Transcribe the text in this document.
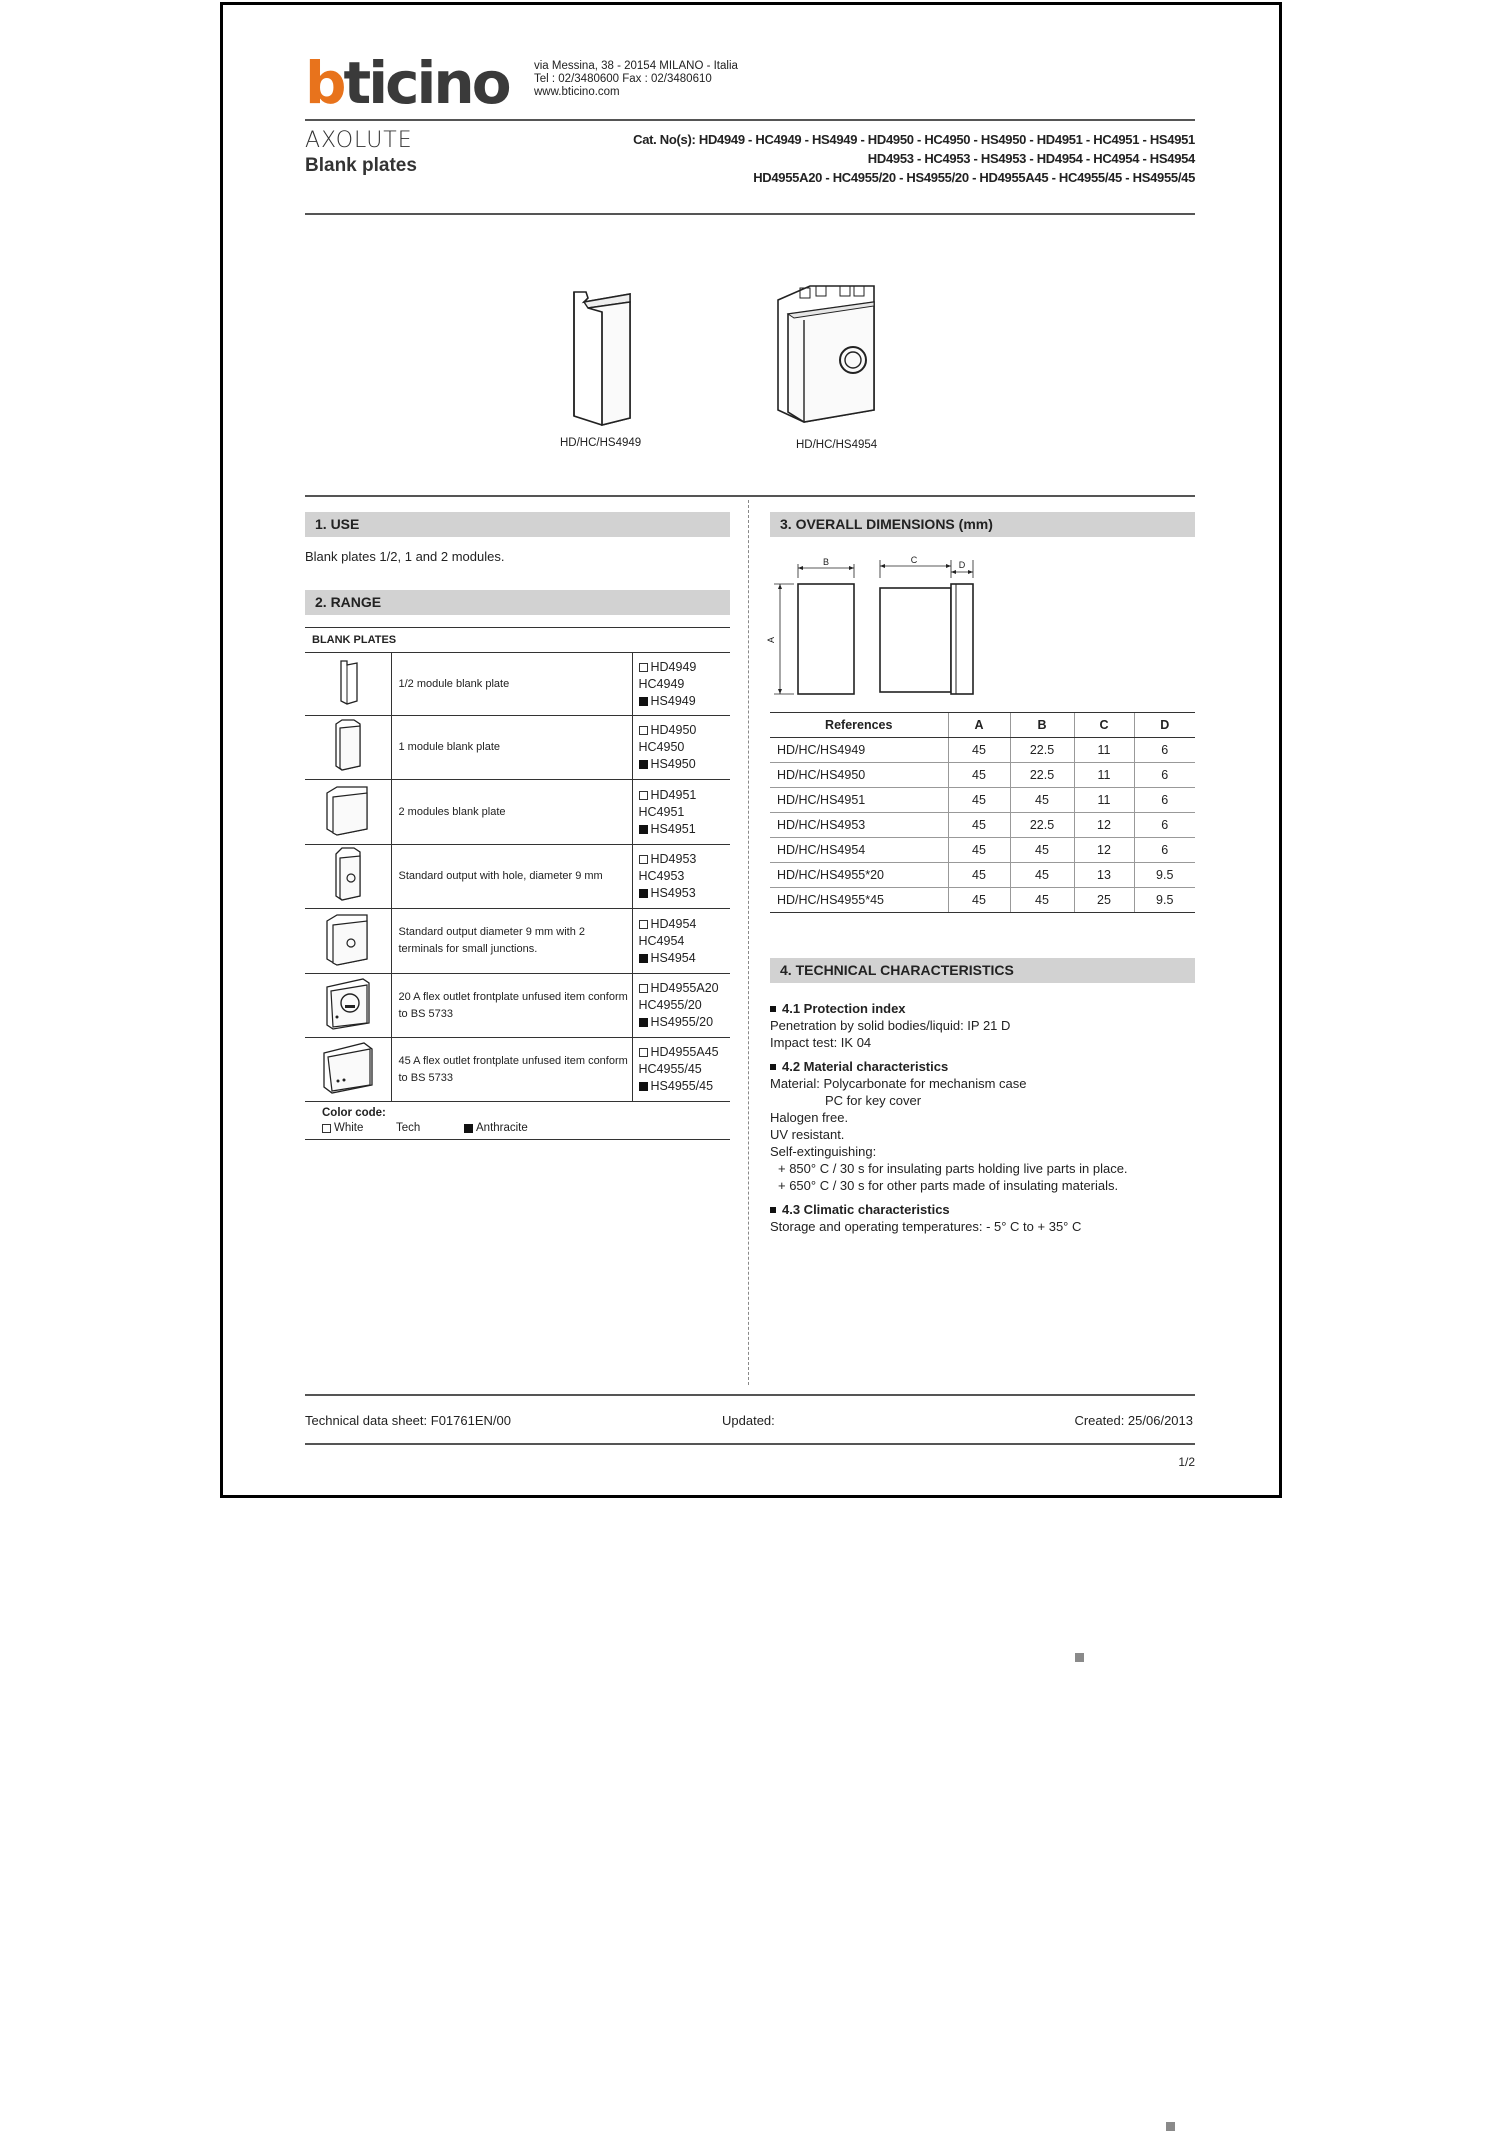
bticino via Messina, 38 - 20154 MILANO - Italia
Tel : 02/3480600 Fax : 02/3480610
www.bticino.com
AXOLUTE
Blank plates
Cat. No(s): HD4949 - HC4949 - HS4949 - HD4950 - HC4950 - HS4950 - HD4951 - HC4951 - HS4951
HD4953 - HC4953 - HS4953 - HD4954 - HC4954 - HS4954
HD4955A20 - HC4955/20 - HS4955/20 - HD4955A45 - HC4955/45 - HS4955/45
HD/HC/HS4949	HD/HC/HS4954
1. USE
Blank plates 1/2, 1 and 2 modules.
2. RANGE
BLANK PLATES
	1/2 module blank plate	HD4949
HC4949
HS4949

	1 module blank plate	HD4950
HC4950
HS4950

	2 modules blank plate	HD4951
HC4951
HS4951

	Standard output with hole, diameter 9 mm	HD4953
HC4953
HS4953

	Standard output diameter 9 mm with 2 terminals for small junctions.	HD4954
HC4954
HS4954

	20 A flex outlet frontplate unfused item conform to BS 5733	HD4955A20
HC4955/20
HS4955/20

	45 A flex outlet frontplate unfused item conform to BS 5733	HD4955A45
HC4955/45
HS4955/45
Color code:
White	Tech	Anthracite
3. OVERALL DIMENSIONS (mm)
B
A
C	D
References	A	B	C	D
HD/HC/HS4949	45	22.5	11	6
HD/HC/HS4950	45	22.5	11	6
HD/HC/HS4951	45	45	11	6
HD/HC/HS4953	45	22.5	12	6
HD/HC/HS4954	45	45	12	6
HD/HC/HS4955*20	45	45	13	9.5
HD/HC/HS4955*45	45	45	25	9.5
4. TECHNICAL CHARACTERISTICS
4.1 Protection index
Penetration by solid bodies/liquid: IP 21 D
Impact test: IK 04
4.2 Material characteristics
Material: Polycarbonate for mechanism case
PC for key cover
Halogen free.
UV resistant.
Self-extinguishing:
+ 850° C / 30 s for insulating parts holding live parts in place.
+ 650° C / 30 s for other parts made of insulating materials.
4.3 Climatic characteristics
Storage and operating temperatures: - 5° C to + 35° C
Technical data sheet: F01761EN/00	Updated:	Created: 25/06/2013
1/2
